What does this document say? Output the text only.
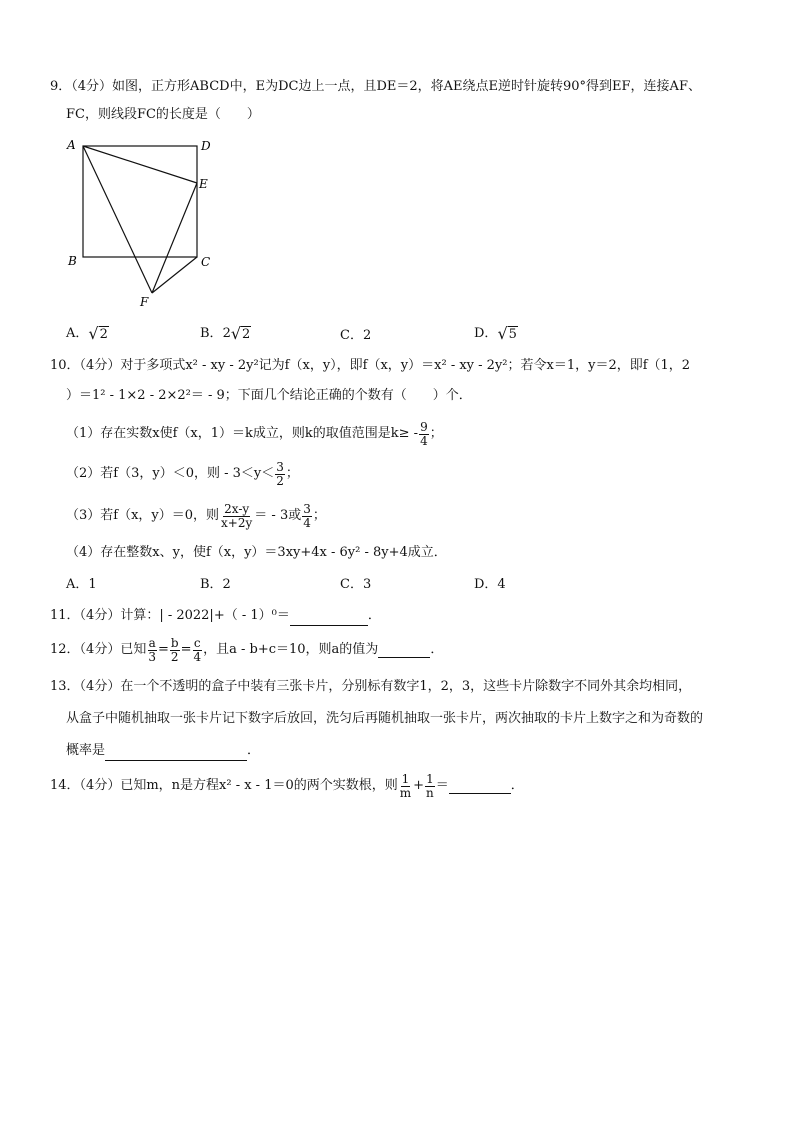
9．（4分）如图，正方形ABCD中，E为DC边上一点，且DE＝2，将AE绕点E逆时针旋转90°得到EF，连接AF、
FC，则线段FC的长度是（　　）
A	D
E
B	C
F
A． √ 2	B．2 √ 2	C．2	D． √ 5
10．（4分）对于多项式x² - xy - 2y²记为f（x，y），即f（x，y）＝x² - xy - 2y²；若令x＝1，y＝2，即f（1，2
）＝1² - 1×2 - 2×2²＝ - 9；下面几个结论正确的个数有（　　）个．
（1）存在实数x使f（x，1）＝k成立，则k的取值范围是$k\ge - \frac{9}{4}$ ；
（2）若f（3，y）＜0，则 - $3<y< \frac{3}{2}$ ；
（3）若f（x，y）＝0，则 $\frac{2x-y}{x+2y}$ ＝ - 3或 $\frac{3}{4}$ ；
（4）存在整数x、y，使f（x，y）＝3xy+4x - 6y² - 8y+4成立．
A．1	B．2	C．3	D．4
11．（4分）计算：| - 2022|+（ - 1）⁰＝	．
12．（4分）已知 $\frac{a}{3} = \frac{b}{2} = \frac{c}{4}$ ，且a - b+c＝10，则a的值为	．
13．（4分）在一个不透明的盒子中装有三张卡片，分别标有数字1，2，3，这些卡片除数字不同外其余均相同，
从盒子中随机抽取一张卡片记下数字后放回，洗匀后再随机抽取一张卡片，两次抽取的卡片上数字之和为奇数的
概率是	．
14．（4分）已知m，n是方程x² - x - 1＝0的两个实数根，则 $\frac{1}{m} + \frac{1}{n}$ ＝	．
